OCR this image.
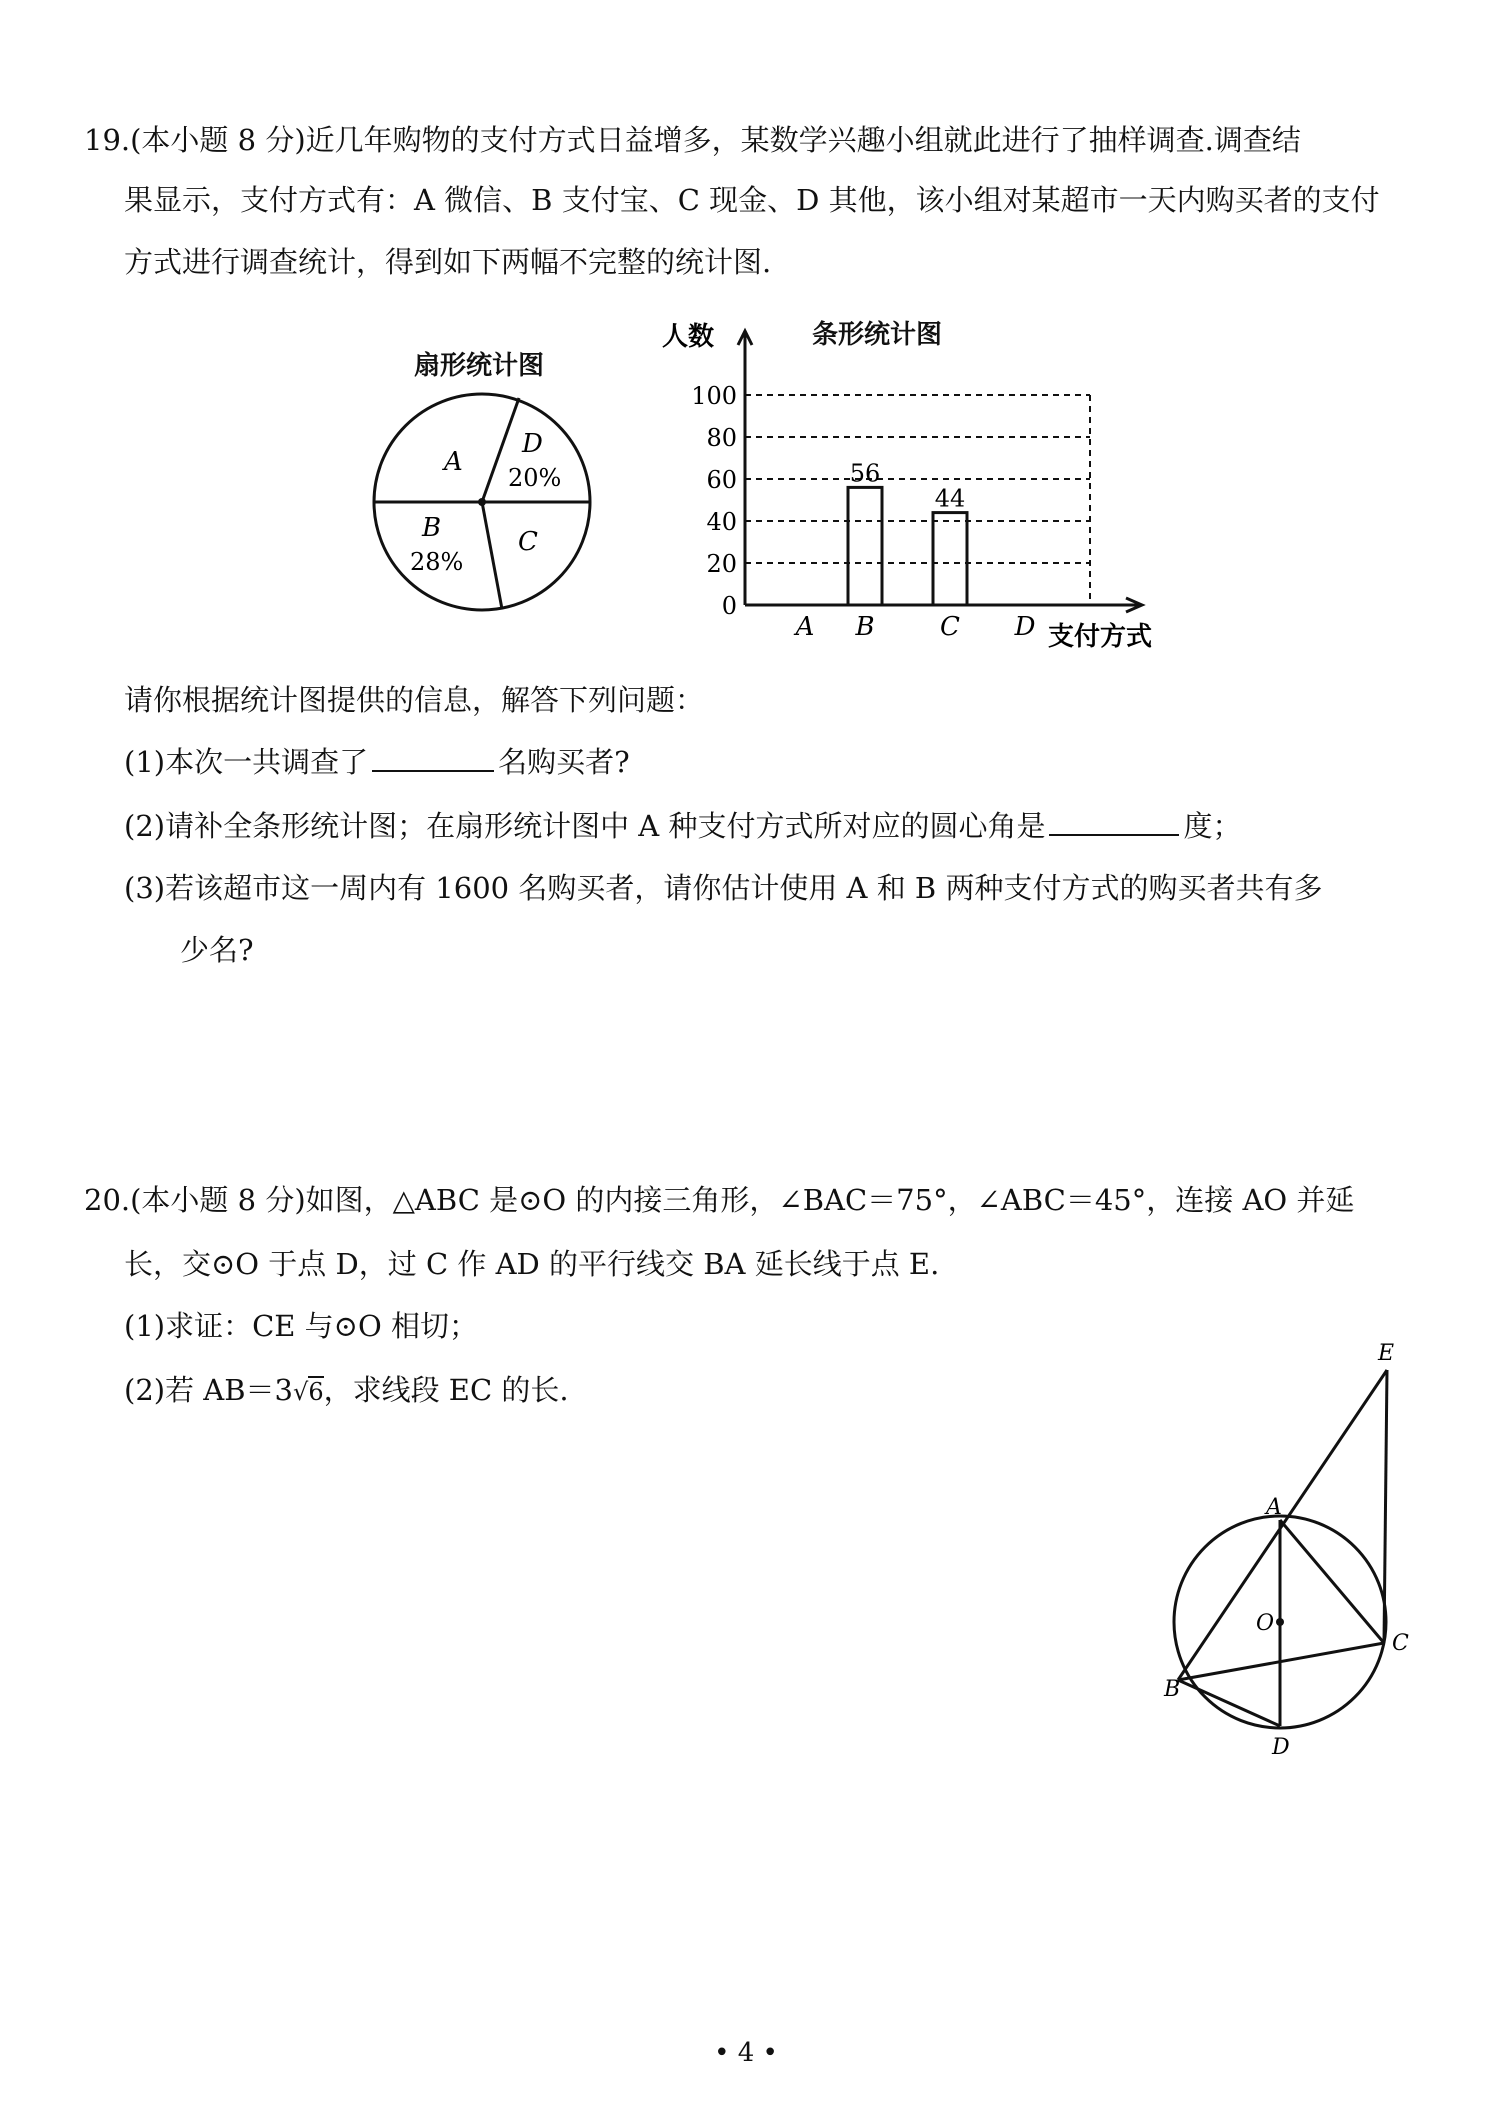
19.(本小题 8 分)近几年购物的支付方式日益增多，某数学兴趣小组就此进行了抽样调查.调查结
果显示，支付方式有：A 微信、B 支付宝、C 现金、D 其他，该小组对某超市一天内购买者的支付
方式进行调查统计，得到如下两幅不完整的统计图.
扇形统计图
A
D
20%
B
28%
C
条形统计图
人数
0
20
40
60
80
100
A
56
B
44
C D 支付方式
请你根据统计图提供的信息，解答下列问题：
(1)本次一共调查了	名购买者?
(2)请补全条形统计图；在扇形统计图中 A 种支付方式所对应的圆心角是	度；
(3)若该超市这一周内有 1600 名购买者，请你估计使用 A 和 B 两种支付方式的购买者共有多
少名?
20.(本小题 8 分)如图，△ABC 是⊙O 的内接三角形，∠BAC＝75°，∠ABC＝45°，连接 AO 并延
长，交⊙O 于点 D，过 C 作 AD 的平行线交 BA 延长线于点 E.
(1)求证：CE 与⊙O 相切；
(2)若 AB＝3√6，求线段 EC 的长.
E
A
O
C
B
D
• 4 •
